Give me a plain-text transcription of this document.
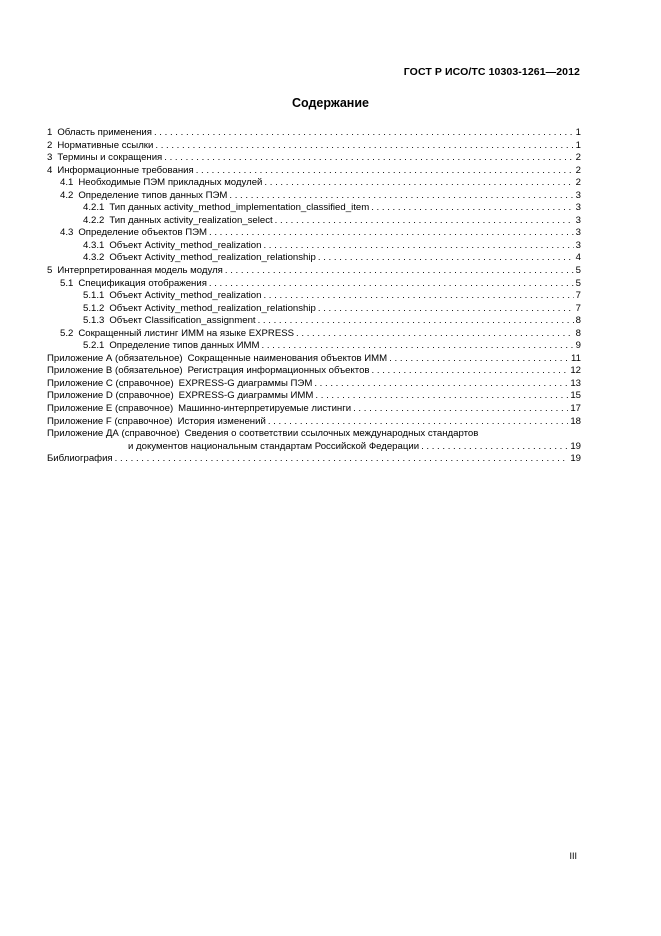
ГОСТ Р ИСО/ТС 10303-1261—2012
Содержание
1 Область применения . . .	1
2 Нормативные ссылки . . .	1
3 Термины и сокращения . . .	2
4 Информационные требования . . .	2
4.1 Необходимые ПЭМ прикладных модулей . . .	2
4.2 Определение типов данных ПЭМ . . .	3
4.2.1 Тип данных activity_method_implementation_classified_item . . .	3
4.2.2 Тип данных activity_realization_select . . .	3
4.3 Определение объектов ПЭМ . . .	3
4.3.1 Объект Activity_method_realization . . .	3
4.3.2 Объект Activity_method_realization_relationship . . .	4
5 Интерпретированная модель модуля . . .	5
5.1 Спецификация отображения . . .	5
5.1.1 Объект Activity_method_realization . . .	7
5.1.2 Объект Activity_method_realization_relationship . . .	7
5.1.3 Объект Classification_assignment . . .	8
5.2 Сокращенный листинг ИММ на языке EXPRESS . . .	8
5.2.1 Определение типов данных ИММ . . .	9
Приложение А (обязательное) Сокращенные наименования объектов ИММ . . .	11
Приложение В (обязательное) Регистрация информационных объектов . . .	12
Приложение С (справочное) EXPRESS-G диаграммы ПЭМ . . .	13
Приложение D (справочное) EXPRESS-G диаграммы ИММ . . .	15
Приложение Е (справочное) Машинно-интерпретируемые листинги . . .	17
Приложение F (справочное) История изменений . . .	18
Приложение ДА (справочное) Сведения о соответствии ссылочных международных стандартов
и документов национальным стандартам Российской Федерации . . .	19
Библиография . . .	19
III
